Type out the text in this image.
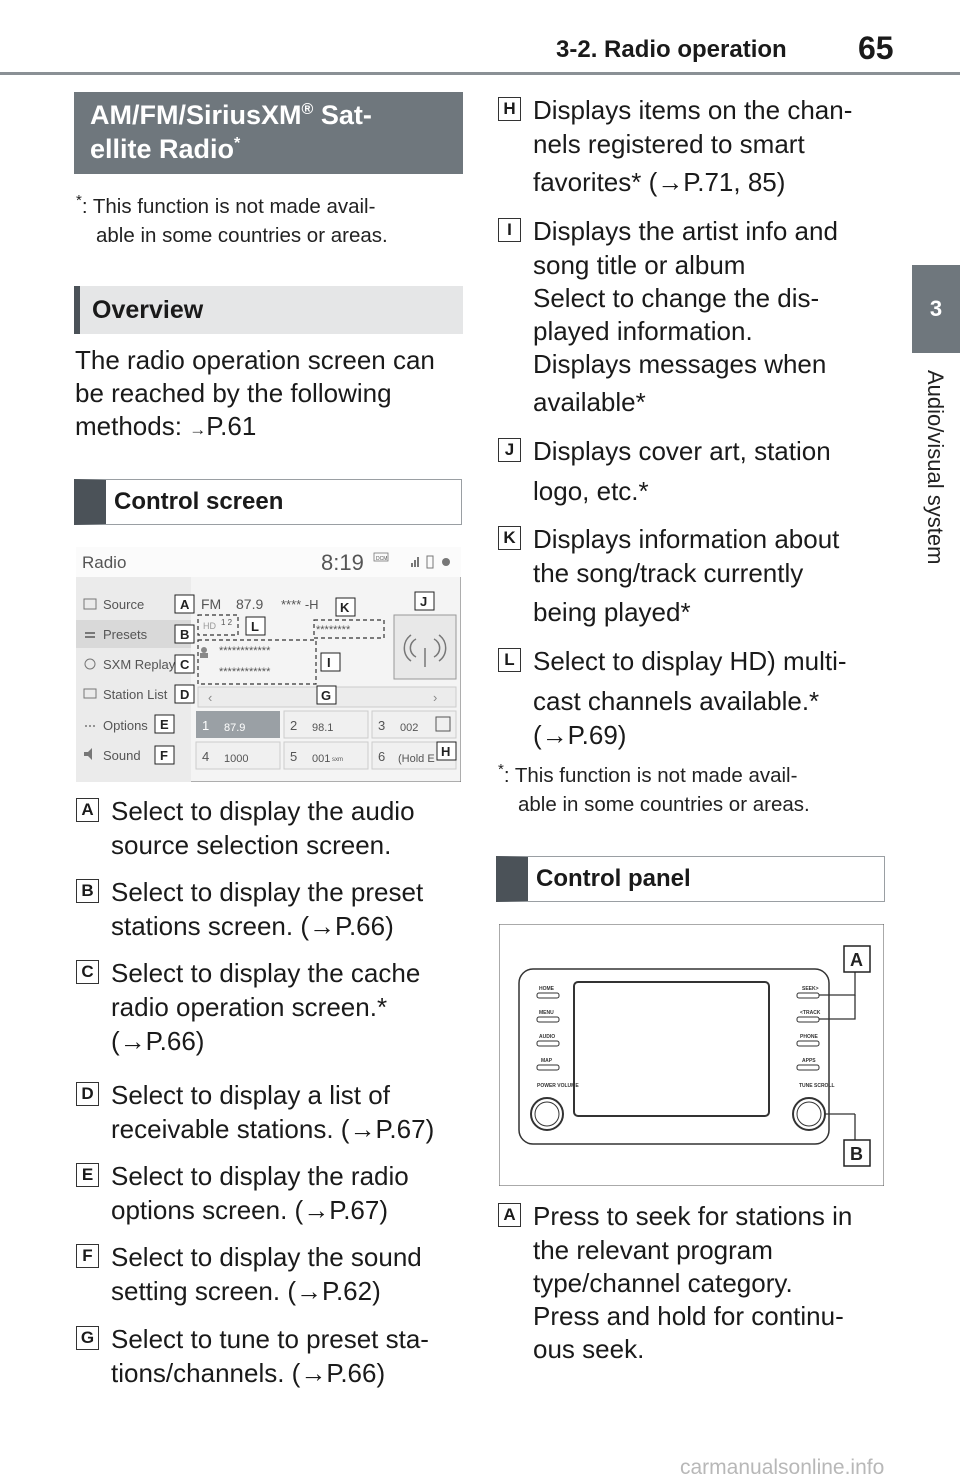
3-2. Radio operation 65
3
Audio/visual system
AM/FM/SiriusXM® Sat-
ellite Radio*
*: This function is not made avail-
able in some countries or areas.
Overview
The radio operation screen can
be reached by the following
methods: →P.61
Control screen
Radio	8:19 DCM
Source
Presets
SXM Replay
Station List
Options
Sound
FM 87.9 **** -H
HD 1 2
********
************
************
‹	›
1 87.9	2 98.1	3 002
4 1000	5 001 sxm	6 (Hold E
A
B
C
D
E
F
G
H
I
J
K
L
A Select to display the audio
source selection screen.
B Select to display the preset
stations screen. (→P.66)
C Select to display the cache
radio operation screen.*
(→P.66)
D Select to display a list of
receivable stations. (→P.67)
E Select to display the radio
options screen. (→P.67)
F Select to display the sound
setting screen. (→P.62)
G Select to tune to preset sta-
tions/channels. (→P.66)
H Displays items on the chan-
nels registered to smart
favorites* (→P.71, 85)
I Displays the artist info and
song title or album
Select to change the dis-
played information.
Displays messages when
available*
J Displays cover art, station
logo, etc.*
K Displays information about
the song/track currently
being played*
L Select to display HD) multi-
cast channels available.*
(→P.69)
*: This function is not made avail-
able in some countries or areas.
Control panel
HOME
MENU
AUDIO
MAP
POWER VOLUME
SEEK>
<TRACK
PHONE
APPS
TUNE SCROLL
A
B
A Press to seek for stations in
the relevant program
type/channel category.
Press and hold for continu-
ous seek.
carmanualsonline.info
